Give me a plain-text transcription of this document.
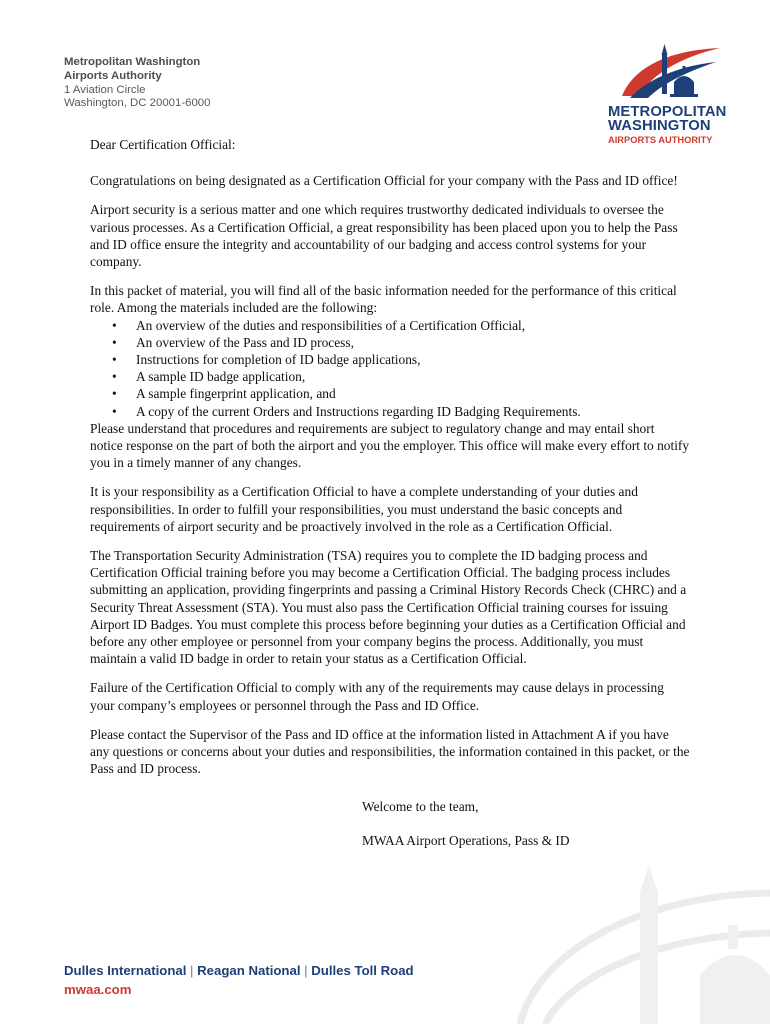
Metropolitan Washington
Airports Authority
1 Aviation Circle
Washington, DC 20001-6000
METROPOLITAN
WASHINGTON
AIRPORTS AUTHORITY

Dear Certification Official:

Congratulations on being designated as a Certification Official for your company with the Pass and ID office!

Airport security is a serious matter and one which requires trustworthy dedicated individuals to oversee the various processes. As a Certification Official, a great responsibility has been placed upon you to help the Pass and ID office ensure the integrity and accountability of our badging and access control systems for your company.

In this packet of material, you will find all of the basic information needed for the performance of this critical role. Among the materials included are the following:

• An overview of the duties and responsibilities of a Certification Official,
• An overview of the Pass and ID process,
• Instructions for completion of ID badge applications,
• A sample ID badge application,
• A sample fingerprint application, and
• A copy of the current Orders and Instructions regarding ID Badging Requirements.

Please understand that procedures and requirements are subject to regulatory change and may entail short notice response on the part of both the airport and you the employer. This office will make every effort to notify you in a timely manner of any changes.

It is your responsibility as a Certification Official to have a complete understanding of your duties and responsibilities. In order to fulfill your responsibilities, you must understand the basic concepts and requirements of airport security and be proactively involved in the role as a Certification Official.

The Transportation Security Administration (TSA) requires you to complete the ID badging process and Certification Official training before you may become a Certification Official. The badging process includes submitting an application, providing fingerprints and passing a Criminal History Records Check (CHRC) and a Security Threat Assessment (STA). You must also pass the Certification Official training courses for issuing Airport ID Badges. You must complete this process before beginning your duties as a Certification Official and before any other employee or personnel from your company begins the process. Additionally, you must maintain a valid ID badge in order to retain your status as a Certification Official.

Failure of the Certification Official to comply with any of the requirements may cause delays in processing your company’s employees or personnel through the Pass and ID Office.

Please contact the Supervisor of the Pass and ID office at the information listed in Attachment A if you have any questions or concerns about your duties and responsibilities, the information contained in this packet, or the Pass and ID process.

Welcome to the team,

MWAA Airport Operations, Pass & ID

Dulles International | Reagan National | Dulles Toll Road
mwaa.com
